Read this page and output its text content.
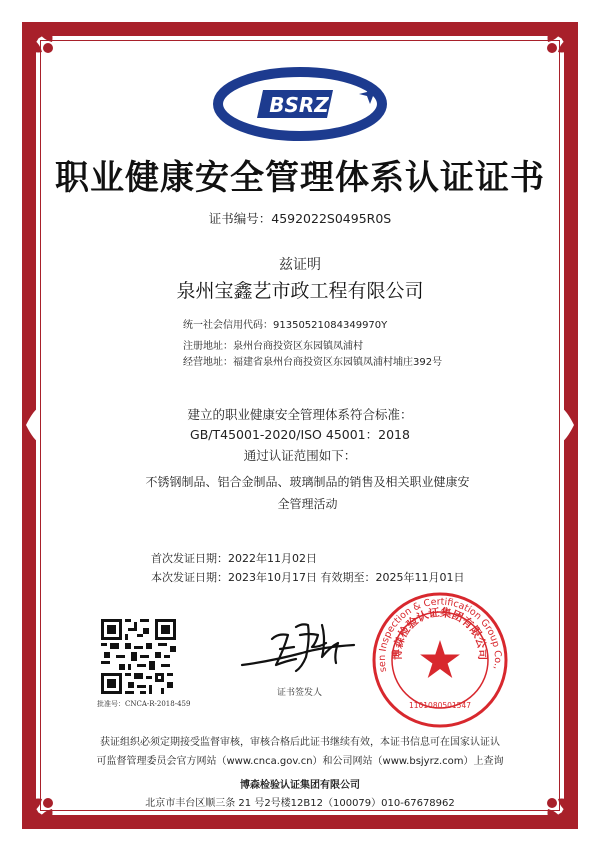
BSRZ
职业健康安全管理体系认证证书
证书编号：4592022S0495R0S
兹证明
泉州宝鑫艺市政工程有限公司
统一社会信用代码：91350521084349970Y
注册地址：泉州台商投资区东园镇凤浦村
经营地址：福建省泉州台商投资区东园镇凤浦村埔庄392号
建立的职业健康安全管理体系符合标准：
GB/T45001-2020/ISO 45001：2018
通过认证范围如下：
不锈钢制品、铝合金制品、玻璃制品的销售及相关职业健康安
全管理活动
首次发证日期：2022年11月02日
本次发证日期：2023年10月17日 有效期至：2025年11月01日
批准号：CNCA-R-2018-459
证书签发人
sen Inspection & Certification Group Co.,
博森检验认证集团有限公司
1101080501547
获证组织必须定期接受监督审核，审核合格后此证书继续有效，本证书信息可在国家认证认
可监督管理委员会官方网站（www.cnca.gov.cn）和公司网站（www.bsjyrz.com）上查询
博森检验认证集团有限公司
北京市丰台区顺三条 21 号2号楼12B12（100079）010-67678962
